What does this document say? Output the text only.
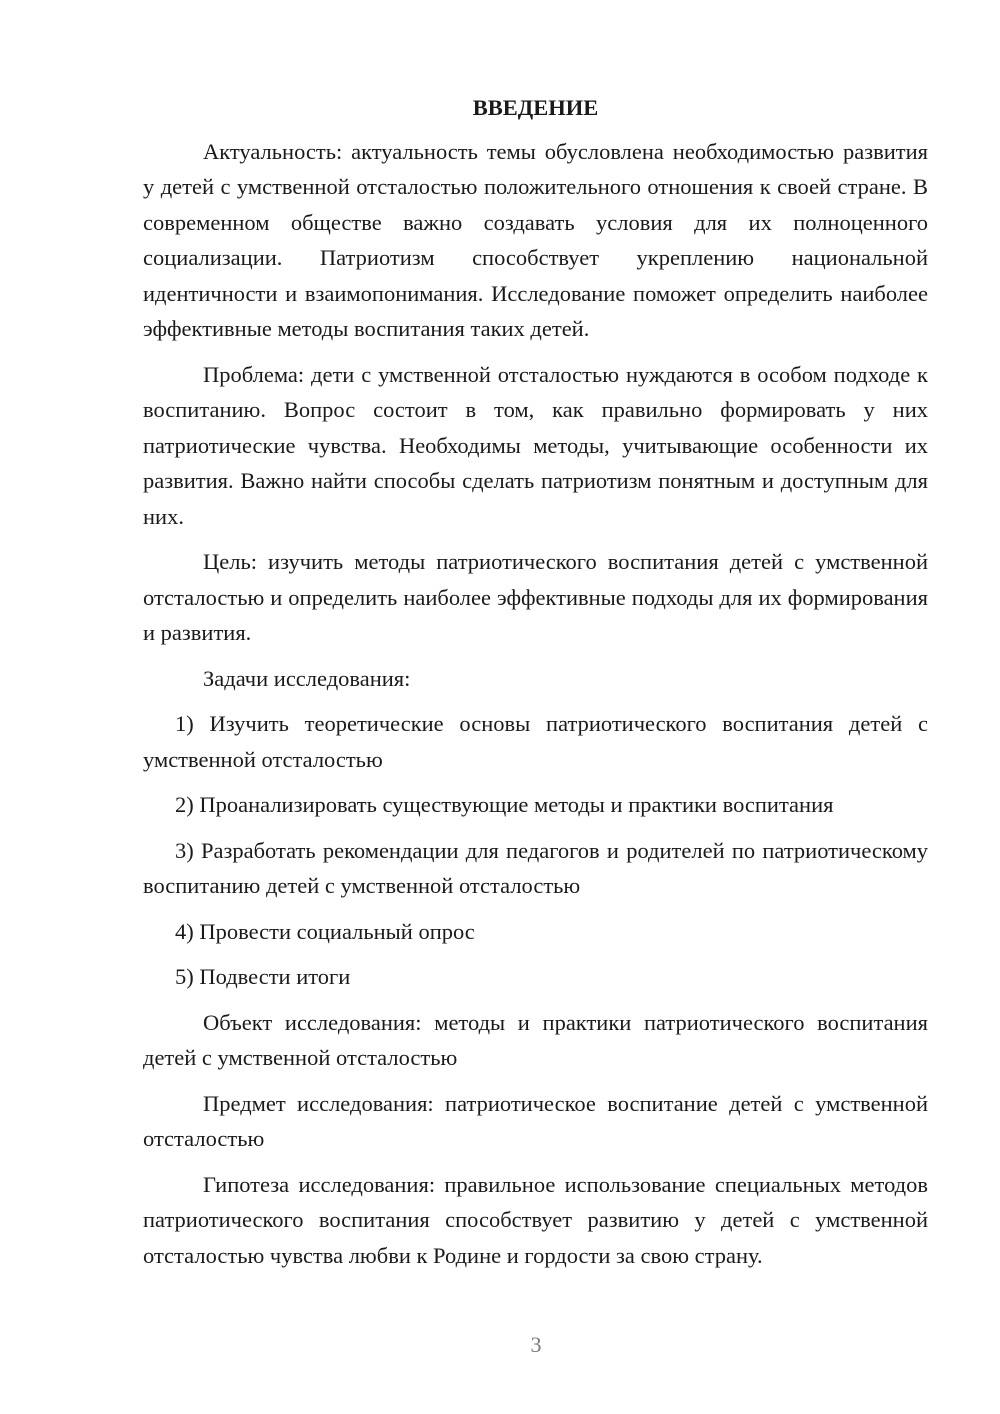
ВВЕДЕНИЕ

Актуальность: актуальность темы обусловлена необходимостью развития у детей с умственной отсталостью положительного отношения к своей стране. В современном обществе важно создавать условия для их полноценного социализации. Патриотизм способствует укреплению национальной идентичности и взаимопонимания. Исследование поможет определить наиболее эффективные методы воспитания таких детей.

Проблема: дети с умственной отсталостью нуждаются в особом подходе к воспитанию. Вопрос состоит в том, как правильно формировать у них патриотические чувства. Необходимы методы, учитывающие особенности их развития. Важно найти способы сделать патриотизм понятным и доступным для них.

Цель: изучить методы патриотического воспитания детей с умственной отсталостью и определить наиболее эффективные подходы для их формирования и развития.

Задачи исследования:

1) Изучить теоретические основы патриотического воспитания детей с умственной отсталостью

2) Проанализировать существующие методы и практики воспитания

3) Разработать рекомендации для педагогов и родителей по патриотическому воспитанию детей с умственной отсталостью

4) Провести социальный опрос

5) Подвести итоги

Объект исследования: методы и практики патриотического воспитания детей с умственной отсталостью

Предмет исследования: патриотическое воспитание детей с умственной отсталостью

Гипотеза исследования: правильное использование специальных методов патриотического воспитания способствует развитию у детей с умственной отсталостью чувства любви к Родине и гордости за свою страну.

3
